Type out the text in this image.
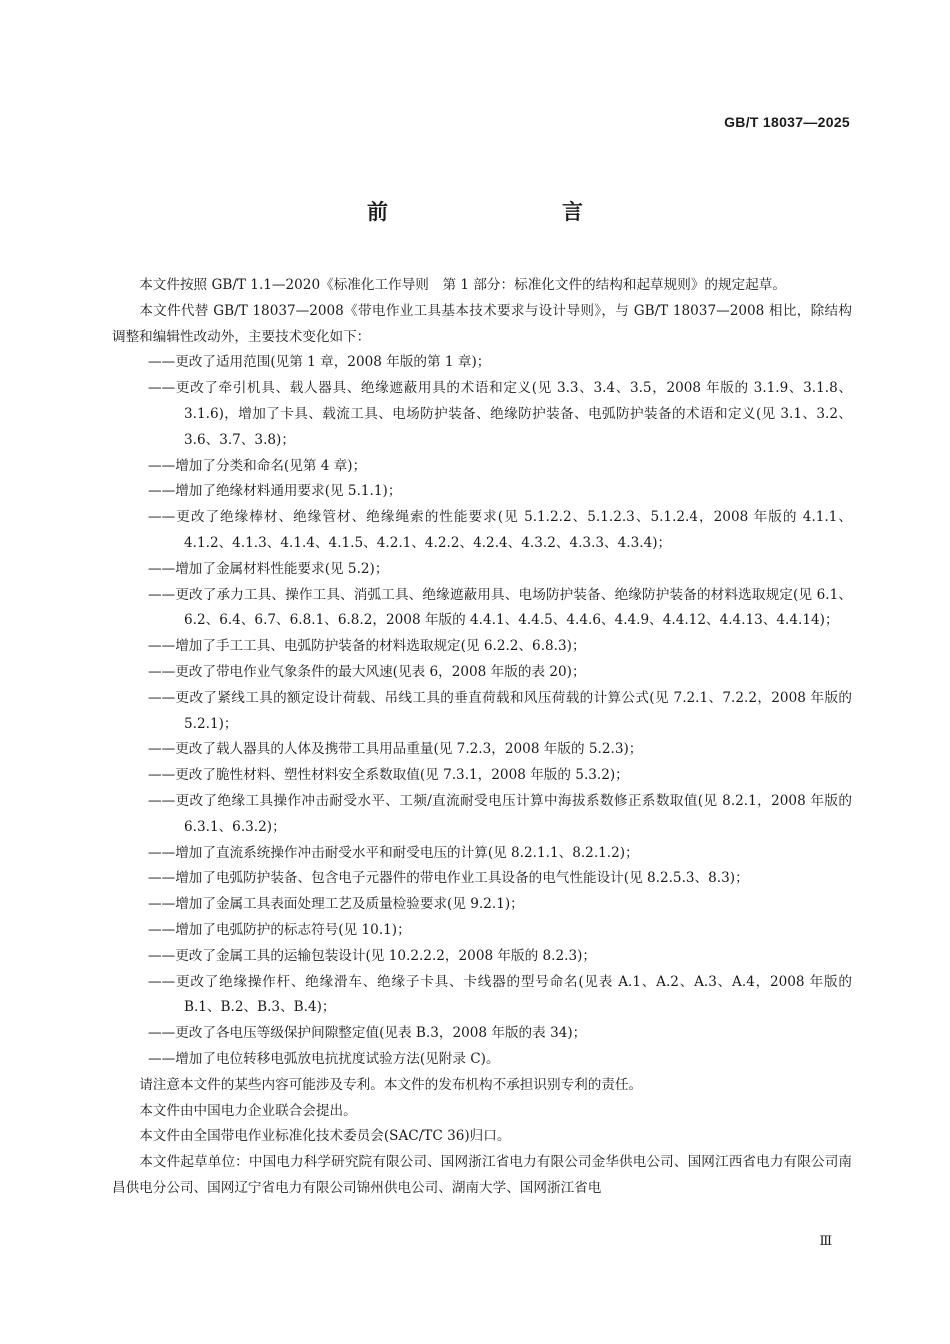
GB/T 18037—2025
前　　言

本文件按照 GB/T 1.1—2020《标准化工作导则　第 1 部分：标准化文件的结构和起草规则》的规定起草。

本文件代替 GB/T 18037—2008《带电作业工具基本技术要求与设计导则》，与 GB/T 18037—2008 相比，除结构调整和编辑性改动外，主要技术变化如下：

——更改了适用范围(见第 1 章，2008 年版的第 1 章)；
——更改了牵引机具、载人器具、绝缘遮蔽用具的术语和定义(见 3.3、3.4、3.5，2008 年版的 3.1.9、3.1.8、3.1.6)，增加了卡具、载流工具、电场防护装备、绝缘防护装备、电弧防护装备的术语和定义(见 3.1、3.2、3.6、3.7、3.8)；
——增加了分类和命名(见第 4 章)；
——增加了绝缘材料通用要求(见 5.1.1)；
——更改了绝缘棒材、绝缘管材、绝缘绳索的性能要求(见 5.1.2.2、5.1.2.3、5.1.2.4，2008 年版的 4.1.1、4.1.2、4.1.3、4.1.4、4.1.5、4.2.1、4.2.2、4.2.4、4.3.2、4.3.3、4.3.4)；
——增加了金属材料性能要求(见 5.2)；
——更改了承力工具、操作工具、消弧工具、绝缘遮蔽用具、电场防护装备、绝缘防护装备的材料选取规定(见 6.1、6.2、6.4、6.7、6.8.1、6.8.2，2008 年版的 4.4.1、4.4.5、4.4.6、4.4.9、4.4.12、4.4.13、4.4.14)；
——增加了手工工具、电弧防护装备的材料选取规定(见 6.2.2、6.8.3)；
——更改了带电作业气象条件的最大风速(见表 6，2008 年版的表 20)；
——更改了紧线工具的额定设计荷载、吊线工具的垂直荷载和风压荷载的计算公式(见 7.2.1、7.2.2，2008 年版的 5.2.1)；
——更改了载人器具的人体及携带工具用品重量(见 7.2.3，2008 年版的 5.2.3)；
——更改了脆性材料、塑性材料安全系数取值(见 7.3.1，2008 年版的 5.3.2)；
——更改了绝缘工具操作冲击耐受水平、工频/直流耐受电压计算中海拔系数修正系数取值(见 8.2.1，2008 年版的 6.3.1、6.3.2)；
——增加了直流系统操作冲击耐受水平和耐受电压的计算(见 8.2.1.1、8.2.1.2)；
——增加了电弧防护装备、包含电子元器件的带电作业工具设备的电气性能设计(见 8.2.5.3、8.3)；
——增加了金属工具表面处理工艺及质量检验要求(见 9.2.1)；
——增加了电弧防护的标志符号(见 10.1)；
——更改了金属工具的运输包装设计(见 10.2.2.2，2008 年版的 8.2.3)；
——更改了绝缘操作杆、绝缘滑车、绝缘子卡具、卡线器的型号命名(见表 A.1、A.2、A.3、A.4，2008 年版的 B.1、B.2、B.3、B.4)；
——更改了各电压等级保护间隙整定值(见表 B.3，2008 年版的表 34)；
——增加了电位转移电弧放电抗扰度试验方法(见附录 C)。

请注意本文件的某些内容可能涉及专利。本文件的发布机构不承担识别专利的责任。

本文件由中国电力企业联合会提出。

本文件由全国带电作业标准化技术委员会(SAC/TC 36)归口。

本文件起草单位：中国电力科学研究院有限公司、国网浙江省电力有限公司金华供电公司、国网江西省电力有限公司南昌供电分公司、国网辽宁省电力有限公司锦州供电公司、湖南大学、国网浙江省电

Ⅲ
